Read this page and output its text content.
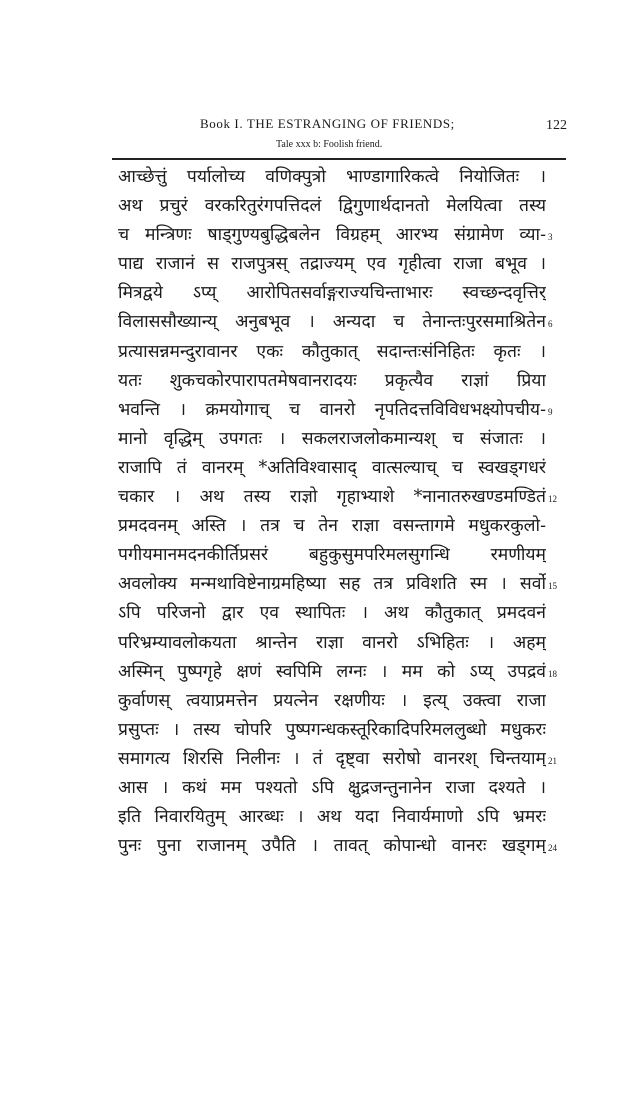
Book I. THE ESTRANGING OF FRIENDS;	122
Tale xxx b: Foolish friend.
आच्छेत्तुं पर्यालोच्य वणिक्पुत्रो भाण्डागारिकत्वे नियोजितः ।
अथ प्रचुरं वरकरितुरंगपत्तिदलं द्विगुणार्थदानतो मेलयित्वा तस्य
च मन्त्रिणः षाड्गुण्यबुद्धिबलेन विग्रहम् आरभ्य संग्रामेण व्या- 3
पाद्य राजानं स राजपुत्रस् तद्राज्यम् एव गृहीत्वा राजा बभूव ।
मित्रद्वये ऽप्य् आरोपितसर्वाङ्गराज्यचिन्ताभारः स्वच्छन्दवृत्तिर्
विलाससौख्यान्य् अनुबभूव । अन्यदा च तेनान्तःपुरसमाश्रितेन 6
प्रत्यासन्नमन्दुरावानर एकः कौतुकात् सदान्तःसंनिहितः कृतः ।
यतः शुकचकोरपारापतमेषवानरादयः प्रकृत्यैव राज्ञां प्रिया
भवन्ति । क्रमयोगाच् च वानरो नृपतिदत्तविविधभक्ष्योपचीय- 9
मानो वृद्धिम् उपगतः । सकलराजलोकमान्यश् च संजातः ।
राजापि तं वानरम् *अतिविश्वासाद् वात्सल्याच् च स्वखड्गधरं
चकार । अथ तस्य राज्ञो गृहाभ्याशे *नानातरुखण्डमण्डितं 12
प्रमदवनम् अस्ति । तत्र च तेन राज्ञा वसन्तागमे मधुकरकुलो-
पगीयमानमदनकीर्तिप्रसरं बहुकुसुमपरिमलसुगन्धि रमणीयम्
अवलोक्य मन्मथाविष्टेनाग्रमहिष्या सह तत्र प्रविशति स्म । सर्वो 15
ऽपि परिजनो द्वार एव स्थापितः । अथ कौतुकात् प्रमदवनं
परिभ्रम्यावलोकयता श्रान्तेन राज्ञा वानरो ऽभिहितः । अहम्
अस्मिन् पुष्पगृहे क्षणं स्वपिमि लग्नः । मम को ऽप्य् उपद्रवं 18
कुर्वाणस् त्वयाप्रमत्तेन प्रयत्नेन रक्षणीयः । इत्य् उक्त्वा राजा
प्रसुप्तः । तस्य चोपरि पुष्पगन्धकस्तूरिकादिपरिमललुब्धो मधुकरः
समागत्य शिरसि निलीनः । तं दृष्ट्वा सरोषो वानरश् चिन्तयाम् 21
आस । कथं मम पश्यतो ऽपि क्षुद्रजन्तुनानेन राजा दश्यते ।
इति निवारयितुम् आरब्धः । अथ यदा निवार्यमाणो ऽपि भ्रमरः
पुनः पुना राजानम् उपैति । तावत् कोपान्धो वानरः खड्गम् 24
